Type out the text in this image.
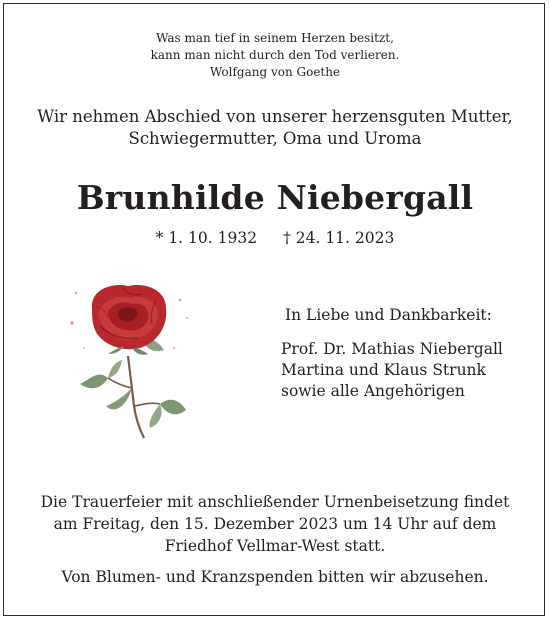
Was man tief in seinem Herzen besitzt,
kann man nicht durch den Tod verlieren.
Wolfgang von Goethe
Wir nehmen Abschied von unserer herzensguten Mutter,
Schwiegermutter, Oma und Uroma
Brunhilde Niebergall
* 1. 10. 1932 † 24. 11. 2023
In Liebe und Dankbarkeit:
Prof. Dr. Mathias Niebergall
Martina und Klaus Strunk
sowie alle Angehörigen
Die Trauerfeier mit anschließender Urnenbeisetzung findet
am Freitag, den 15. Dezember 2023 um 14 Uhr auf dem
Friedhof Vellmar-West statt.
Von Blumen- und Kranzspenden bitten wir abzusehen.
